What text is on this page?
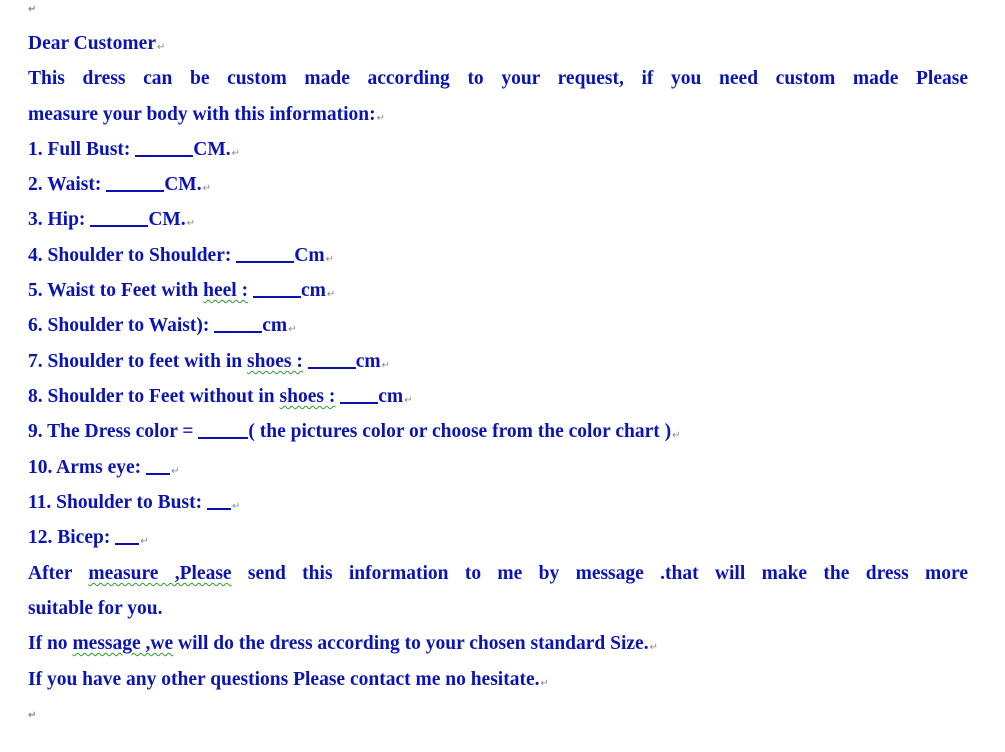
↵
Dear Customer↵
This dress can be custom made according to your request, if you need custom made Please
measure your body with this information:↵
1. Full Bust:	CM.↵
2. Waist:	CM.↵
3. Hip:	CM.↵
4. Shoulder to Shoulder:	Cm↵
5. Waist to Feet with heel :	cm↵
6. Shoulder to Waist): cm↵
7. Shoulder to feet with in shoes :	cm↵
8. Shoulder to Feet without in shoes : cm↵
9. The Dress color =	( the pictures color or choose from the color chart )↵
10. Arms eye:	↵
11. Shoulder to Bust:	↵
12. Bicep:	↵
After measure ,Please send this information to me by message .that will make the dress more
suitable for you.
If no message ,we will do the dress according to your chosen standard Size.↵
If you have any other questions Please contact me no hesitate.↵
↵
